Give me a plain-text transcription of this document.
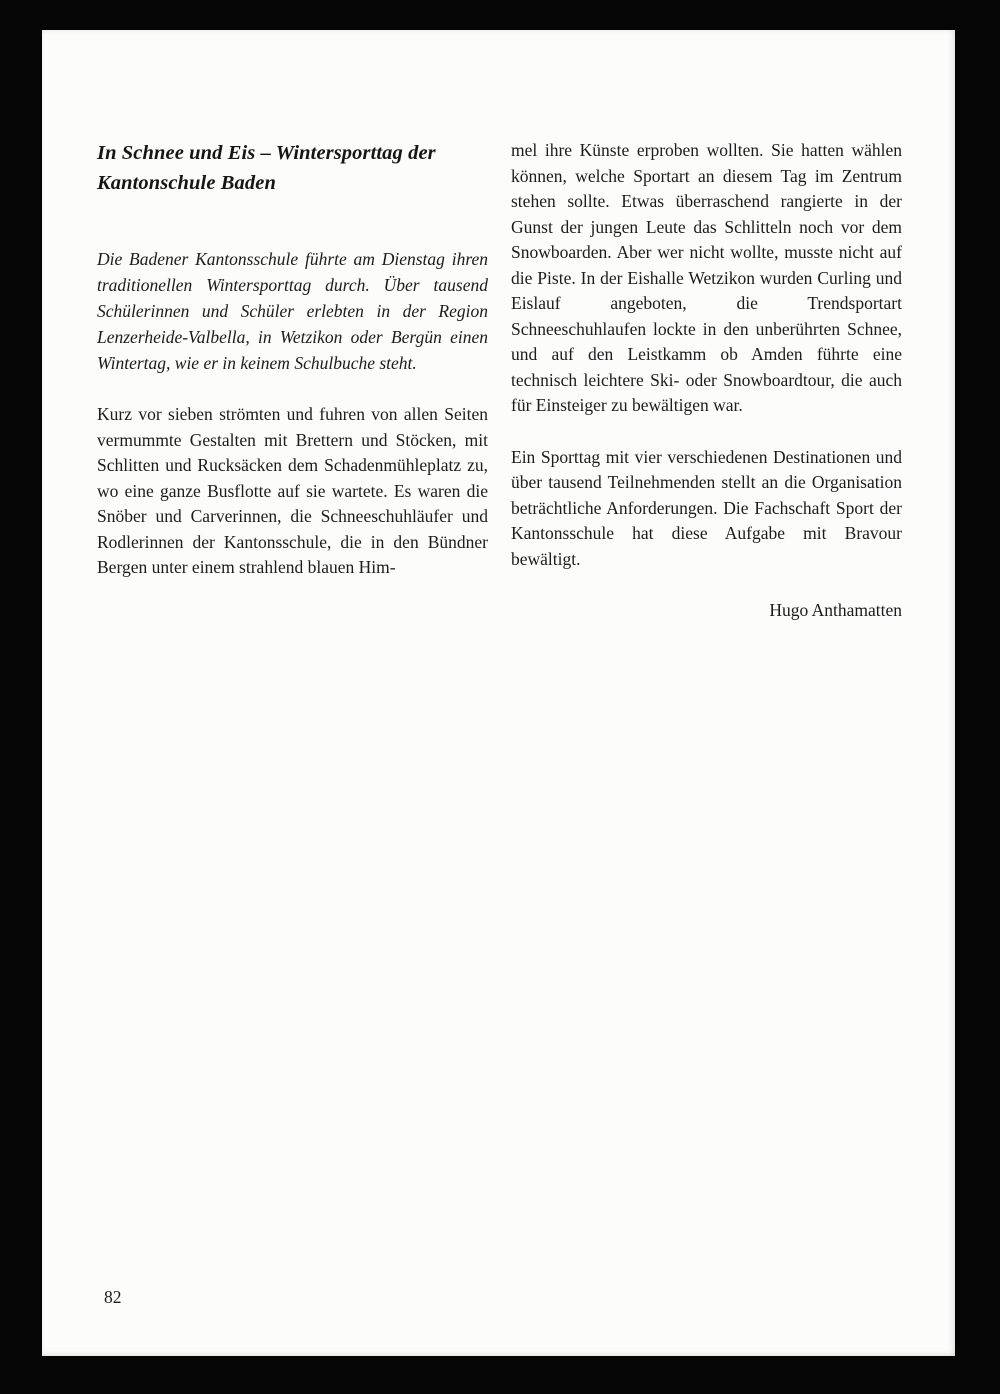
In Schnee und Eis – Wintersporttag der Kantonschule Baden

Die Badener Kantonsschule führte am Dienstag ihren traditionellen Wintersporttag durch. Über tausend Schülerinnen und Schüler erlebten in der Region Lenzerheide-Valbella, in Wetzikon oder Bergün einen Wintertag, wie er in keinem Schulbuche steht.

Kurz vor sieben strömten und fuhren von allen Seiten vermummte Gestalten mit Brettern und Stöcken, mit Schlitten und Rucksäcken dem Schadenmühleplatz zu, wo eine ganze Busflotte auf sie wartete. Es waren die Snöber und Carverinnen, die Schneeschuhläufer und Rodlerinnen der Kantonsschule, die in den Bündner Bergen unter einem strahlend blauen Him-

mel ihre Künste erproben wollten. Sie hatten wählen können, welche Sportart an diesem Tag im Zentrum stehen sollte. Etwas überraschend rangierte in der Gunst der jungen Leute das Schlitteln noch vor dem Snowboarden. Aber wer nicht wollte, musste nicht auf die Piste. In der Eishalle Wetzikon wurden Curling und Eislauf angeboten, die Trendsportart Schneeschuhlaufen lockte in den unberührten Schnee, und auf den Leistkamm ob Amden führte eine technisch leichtere Ski- oder Snowboardtour, die auch für Einsteiger zu bewältigen war.

Ein Sporttag mit vier verschiedenen Destinationen und über tausend Teilnehmenden stellt an die Organisation beträchtliche Anforderungen. Die Fachschaft Sport der Kantonsschule hat diese Aufgabe mit Bravour bewältigt.

Hugo Anthamatten

82
